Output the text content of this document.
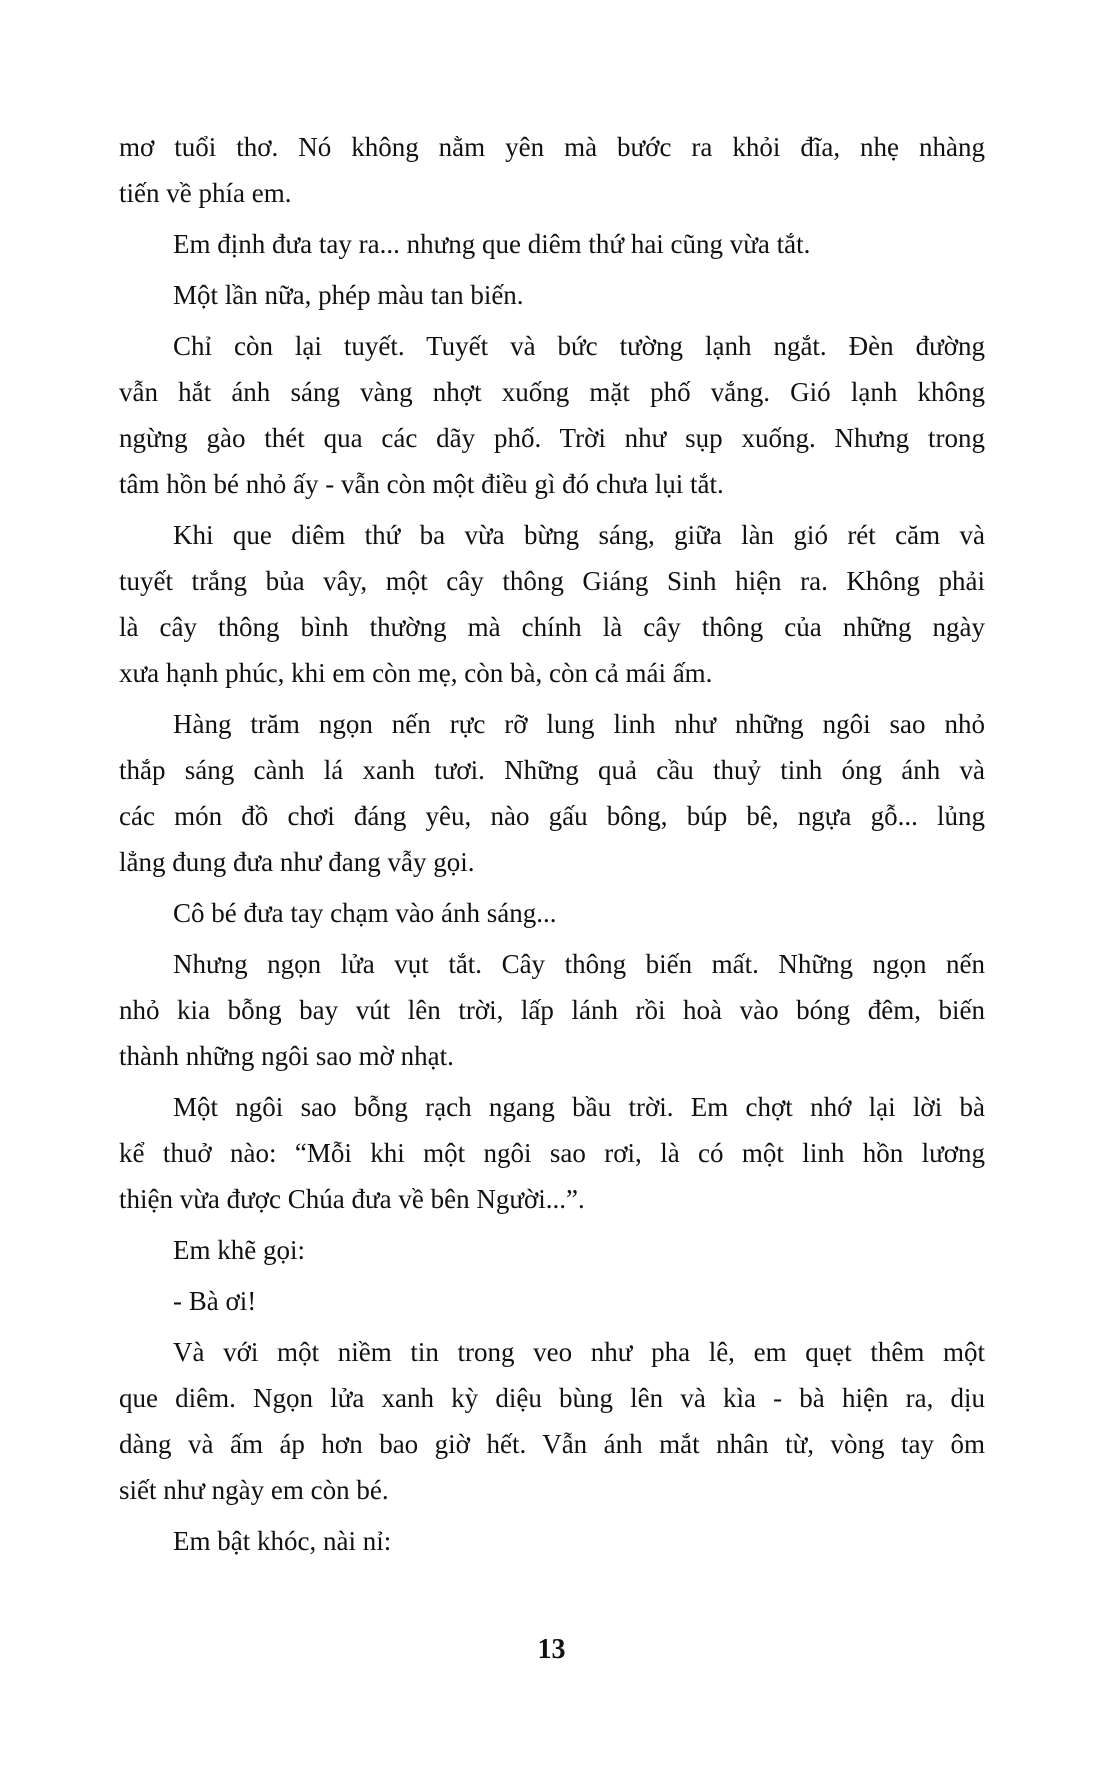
mơ tuổi thơ. Nó không nằm yên mà bước ra khỏi đĩa, nhẹ nhàng
tiến về phía em.
Em định đưa tay ra... nhưng que diêm thứ hai cũng vừa tắt.
Một lần nữa, phép màu tan biến.
Chỉ còn lại tuyết. Tuyết và bức tường lạnh ngắt. Đèn đường
vẫn hắt ánh sáng vàng nhợt xuống mặt phố vắng. Gió lạnh không
ngừng gào thét qua các dãy phố. Trời như sụp xuống. Nhưng trong
tâm hồn bé nhỏ ấy - vẫn còn một điều gì đó chưa lụi tắt.
Khi que diêm thứ ba vừa bừng sáng, giữa làn gió rét căm và
tuyết trắng bủa vây, một cây thông Giáng Sinh hiện ra. Không phải
là cây thông bình thường mà chính là cây thông của những ngày
xưa hạnh phúc, khi em còn mẹ, còn bà, còn cả mái ấm.
Hàng trăm ngọn nến rực rỡ lung linh như những ngôi sao nhỏ
thắp sáng cành lá xanh tươi. Những quả cầu thuỷ tinh óng ánh và
các món đồ chơi đáng yêu, nào gấu bông, búp bê, ngựa gỗ... lủng
lẳng đung đưa như đang vẫy gọi.
Cô bé đưa tay chạm vào ánh sáng...
Nhưng ngọn lửa vụt tắt. Cây thông biến mất. Những ngọn nến
nhỏ kia bỗng bay vút lên trời, lấp lánh rồi hoà vào bóng đêm, biến
thành những ngôi sao mờ nhạt.
Một ngôi sao bỗng rạch ngang bầu trời. Em chợt nhớ lại lời bà
kể thuở nào: “Mỗi khi một ngôi sao rơi, là có một linh hồn lương
thiện vừa được Chúa đưa về bên Người...”.
Em khẽ gọi:
- Bà ơi!
Và với một niềm tin trong veo như pha lê, em quẹt thêm một
que diêm. Ngọn lửa xanh kỳ diệu bùng lên và kìa - bà hiện ra, dịu
dàng và ấm áp hơn bao giờ hết. Vẫn ánh mắt nhân từ, vòng tay ôm
siết như ngày em còn bé.
Em bật khóc, nài nỉ:
13
